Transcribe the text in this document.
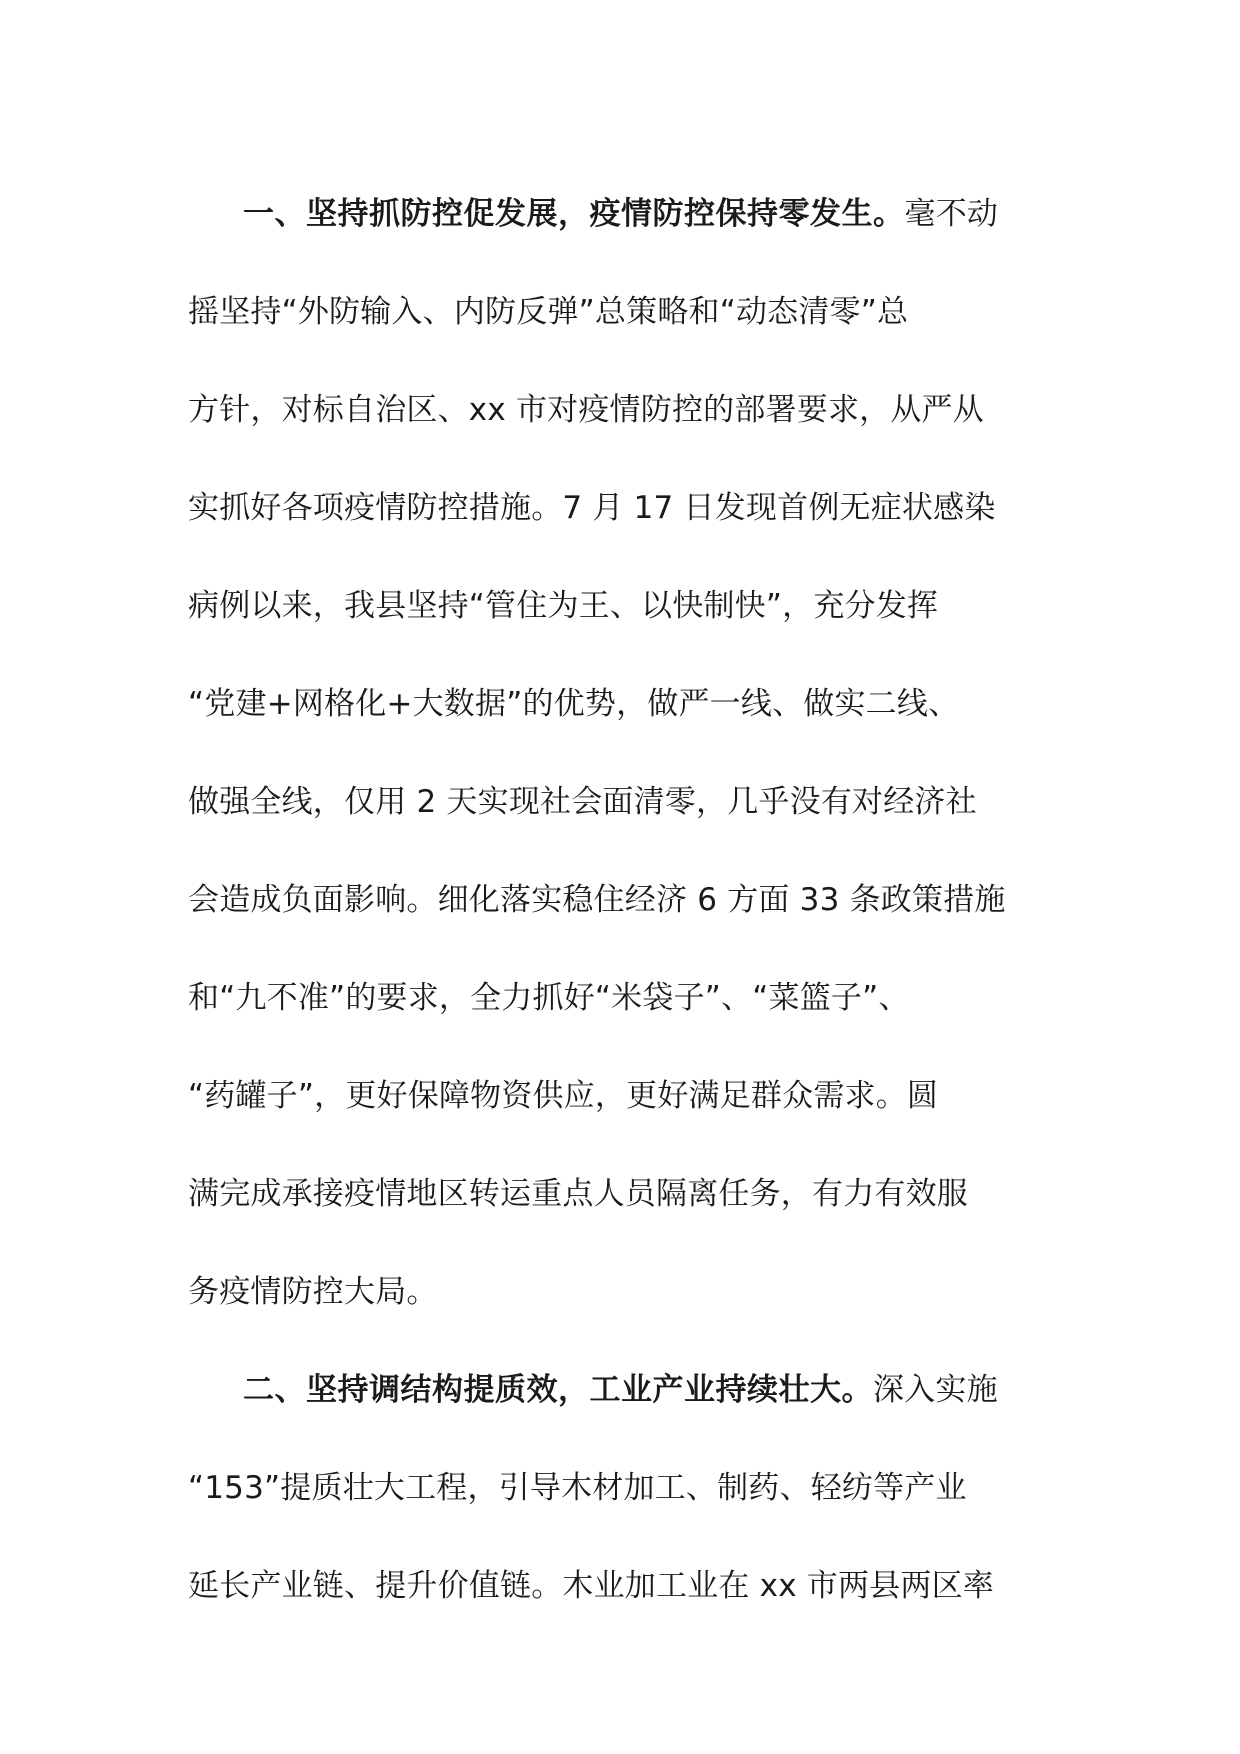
一、坚持抓防控促发展，疫情防控保持零发生。毫不动
摇坚持“外防输入、内防反弹”总策略和“动态清零”总
方针，对标自治区、xx 市对疫情防控的部署要求，从严从
实抓好各项疫情防控措施。7 月 17 日发现首例无症状感染
病例以来，我县坚持“管住为王、以快制快”，充分发挥
“党建+网格化+大数据”的优势，做严一线、做实二线、
做强全线，仅用 2 天实现社会面清零，几乎没有对经济社
会造成负面影响。细化落实稳住经济 6 方面 33 条政策措施
和“九不准”的要求，全力抓好“米袋子”、“菜篮子”、
“药罐子”，更好保障物资供应，更好满足群众需求。圆
满完成承接疫情地区转运重点人员隔离任务，有力有效服
务疫情防控大局。
二、坚持调结构提质效，工业产业持续壮大。深入实施
“153”提质壮大工程，引导木材加工、制药、轻纺等产业
延长产业链、提升价值链。木业加工业在 xx 市两县两区率
